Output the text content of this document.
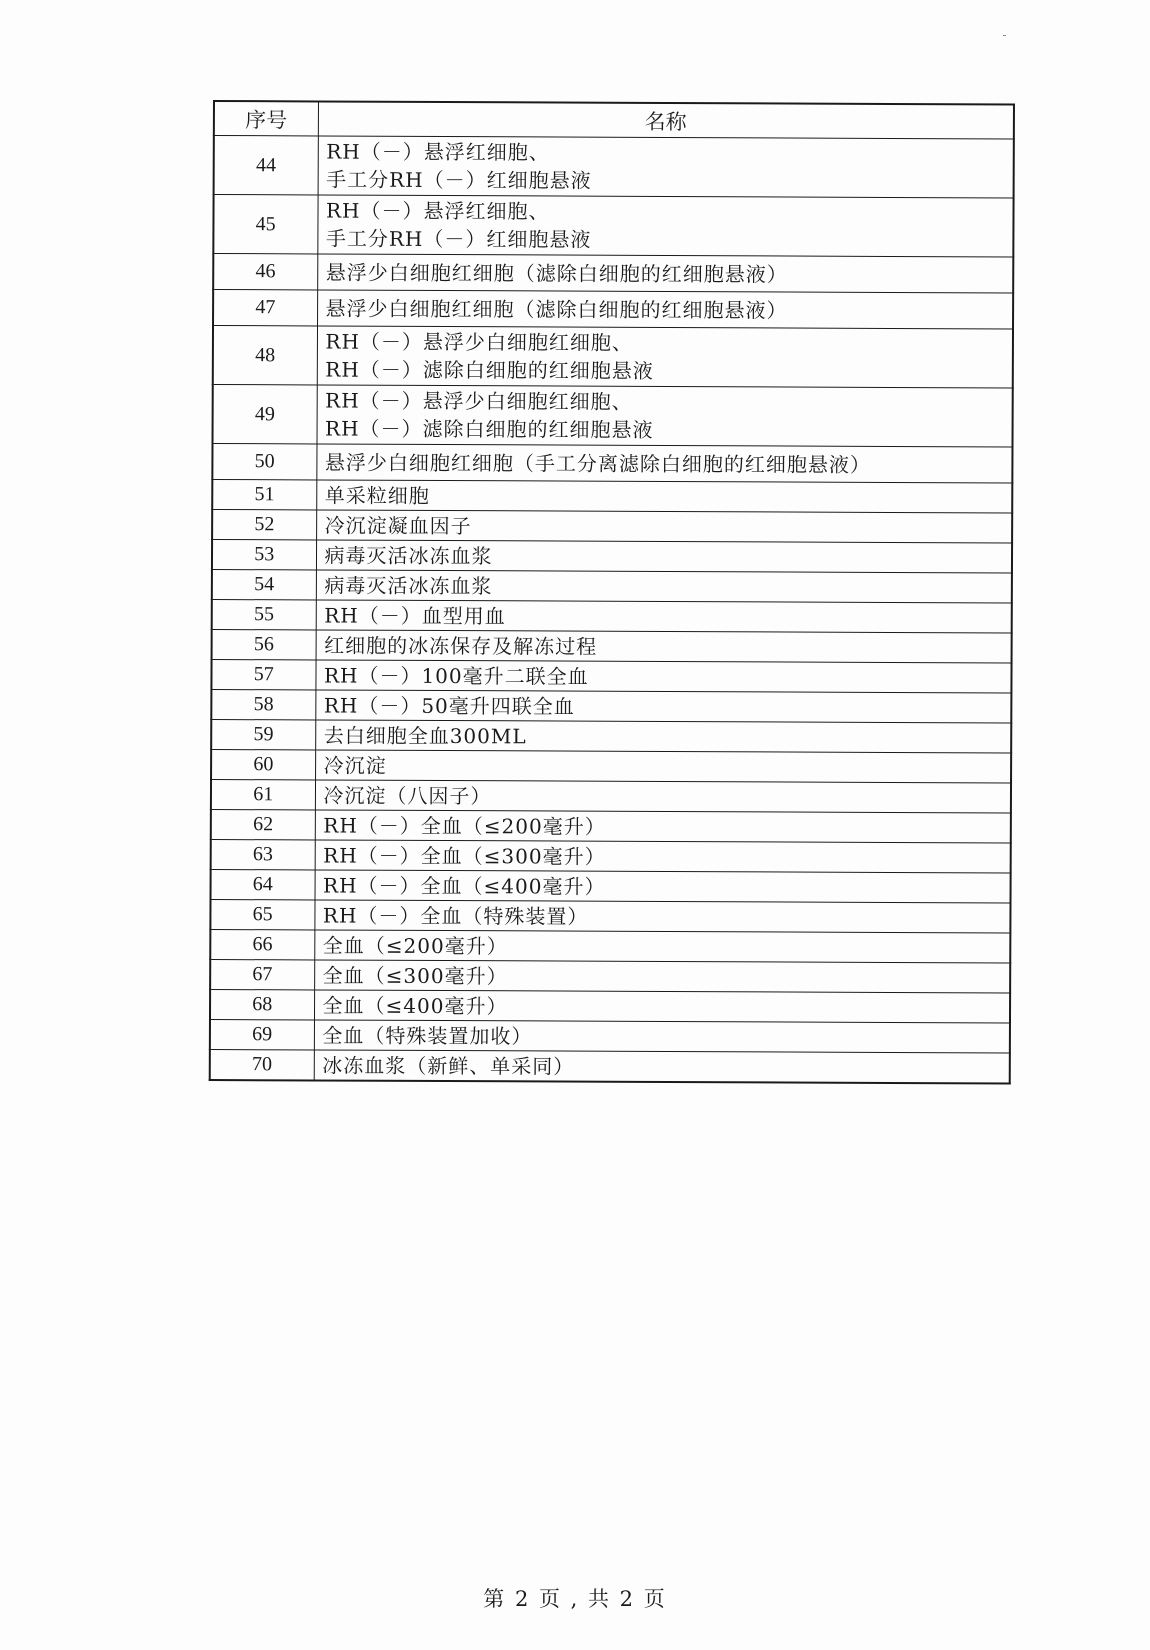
序号	名称
44	RH（－）悬浮红细胞、
手工分RH（－）红细胞悬液

45	RH（－）悬浮红细胞、
手工分RH（－）红细胞悬液

46	悬浮少白细胞红细胞（滤除白细胞的红细胞悬液）

47	悬浮少白细胞红细胞（滤除白细胞的红细胞悬液）

48	RH（－）悬浮少白细胞红细胞、
RH（－）滤除白细胞的红细胞悬液

49	RH（－）悬浮少白细胞红细胞、
RH（－）滤除白细胞的红细胞悬液

50	悬浮少白细胞红细胞（手工分离滤除白细胞的红细胞悬液）

51	单采粒细胞

52	冷沉淀凝血因子

53	病毒灭活冰冻血浆

54	病毒灭活冰冻血浆

55	RH（－）血型用血

56	红细胞的冰冻保存及解冻过程

57	RH（－）100毫升二联全血

58	RH（－）50毫升四联全血

59	去白细胞全血300ML

60	冷沉淀

61	冷沉淀（八因子）

62	RH（－）全血（≤200毫升）

63	RH（－）全血（≤300毫升）

64	RH（－）全血（≤400毫升）

65	RH（－）全血（特殊装置）

66	全血（≤200毫升）

67	全血（≤300毫升）

68	全血（≤400毫升）

69	全血（特殊装置加收）

70	冰冻血浆（新鲜、单采同）
第 2 页 , 共 2 页
